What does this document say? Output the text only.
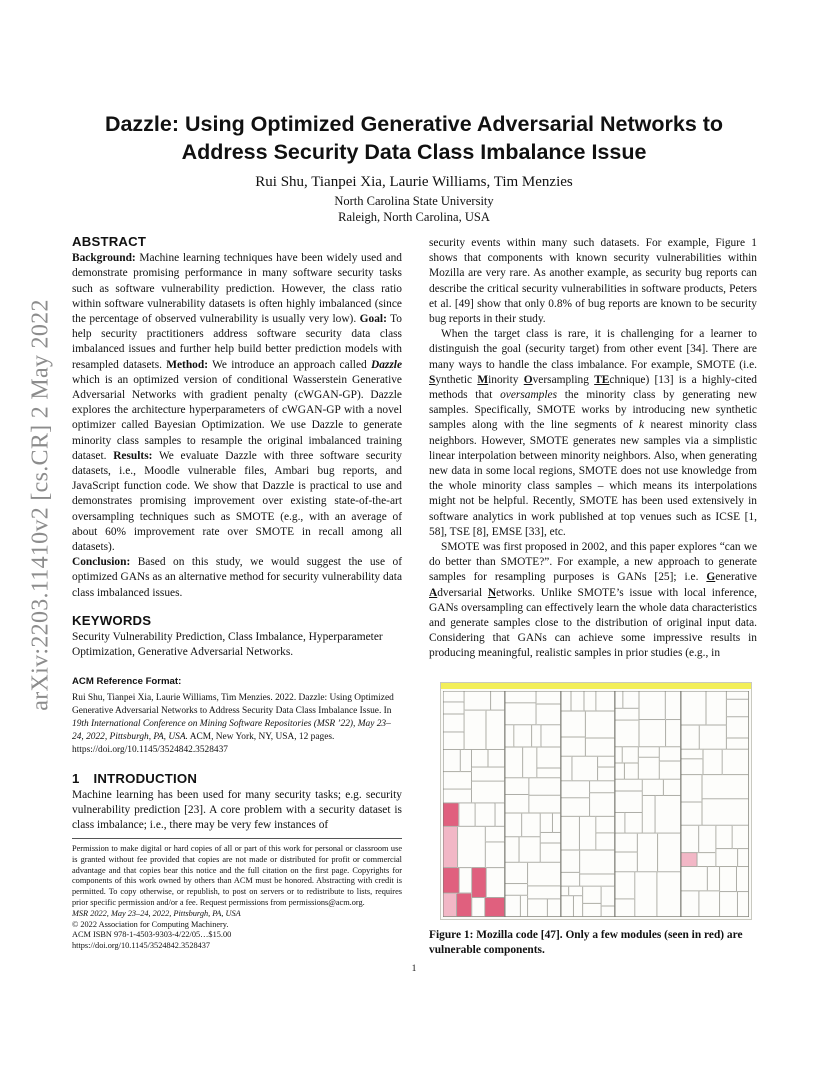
arXiv:2203.11410v2 [cs.CR] 2 May 2022
Dazzle: Using Optimized Generative Adversarial Networks to Address Security Data Class Imbalance Issue
Rui Shu, Tianpei Xia, Laurie Williams, Tim Menzies
North Carolina State University
Raleigh, North Carolina, USA
ABSTRACT

Background: Machine learning techniques have been widely used and demonstrate promising performance in many software security tasks such as software vulnerability prediction. However, the class ratio within software vulnerability datasets is often highly imbalanced (since the percentage of observed vulnerability is usually very low). Goal: To help security practitioners address software security data class imbalanced issues and further help build better prediction models with resampled datasets. Method: We introduce an approach called Dazzle which is an optimized version of conditional Wasserstein Generative Adversarial Networks with gradient penalty (cWGAN-GP). Dazzle explores the architecture hyperparameters of cWGAN-GP with a novel optimizer called Bayesian Optimization. We use Dazzle to generate minority class samples to resample the original imbalanced training dataset. Results: We evaluate Dazzle with three software security datasets, i.e., Moodle vulnerable files, Ambari bug reports, and JavaScript function code. We show that Dazzle is practical to use and demonstrates promising improvement over existing state-of-the-art oversampling techniques such as SMOTE (e.g., with an average of about 60% improvement rate over SMOTE in recall among all datasets).
Conclusion: Based on this study, we would suggest the use of optimized GANs as an alternative method for security vulnerability data class imbalanced issues.

KEYWORDS

Security Vulnerability Prediction, Class Imbalance, Hyperparameter Optimization, Generative Adversarial Networks.

ACM Reference Format:

Rui Shu, Tianpei Xia, Laurie Williams, Tim Menzies. 2022. Dazzle: Using Optimized Generative Adversarial Networks to Address Security Data Class Imbalance Issue. In 19th International Conference on Mining Software Repositories (MSR ’22), May 23–24, 2022, Pittsburgh, PA, USA. ACM, New York, NY, USA, 12 pages. https://doi.org/10.1145/3524842.3528437

1 INTRODUCTION

Machine learning has been used for many security tasks; e.g. security vulnerability prediction [23]. A core problem with a security dataset is class imbalance; i.e., there may be very few instances of

Permission to make digital or hard copies of all or part of this work for personal or classroom use is granted without fee provided that copies are not made or distributed for profit or commercial advantage and that copies bear this notice and the full citation on the first page. Copyrights for components of this work owned by others than ACM must be honored. Abstracting with credit is permitted. To copy otherwise, or republish, to post on servers or to redistribute to lists, requires prior specific permission and/or a fee. Request permissions from permissions@acm.org.

MSR 2022, May 23–24, 2022, Pittsburgh, PA, USA

© 2022 Association for Computing Machinery.

ACM ISBN 978-1-4503-9303-4/22/05…$15.00

https://doi.org/10.1145/3524842.3528437

security events within many such datasets. For example, Figure 1 shows that components with known security vulnerabilities within Mozilla are very rare. As another example, as security bug reports can describe the critical security vulnerabilities in software products, Peters et al. [49] show that only 0.8% of bug reports are known to be security bug reports in their study.

When the target class is rare, it is challenging for a learner to distinguish the goal (security target) from other event [34]. There are many ways to handle the class imbalance. For example, SMOTE (i.e. Synthetic Minority Oversampling TEchnique) [13] is a highly-cited methods that oversamples the minority class by generating new samples. Specifically, SMOTE works by introducing new synthetic samples along with the line segments of k nearest minority class neighbors. However, SMOTE generates new samples via a simplistic linear interpolation between minority neighbors. Also, when generating new data in some local regions, SMOTE does not use knowledge from the whole minority class samples – which means its interpolations might not be helpful. Recently, SMOTE has been used extensively in software analytics in work published at top venues such as ICSE [1, 58], TSE [8], EMSE [33], etc.

SMOTE was first proposed in 2002, and this paper explores “can we do better than SMOTE?”. For example, a new approach to generate samples for resampling purposes is GANs [25]; i.e. Generative Adversarial Networks. Unlike SMOTE’s issue with local inference, GANs oversampling can effectively learn the whole data characteristics and generate samples close to the distribution of original input data. Considering that GANs can achieve some impressive results in producing meaningful, realistic samples in prior studies (e.g., in

Figure 1: Mozilla code [47]. Only a few modules (seen in red) are vulnerable components.
1
